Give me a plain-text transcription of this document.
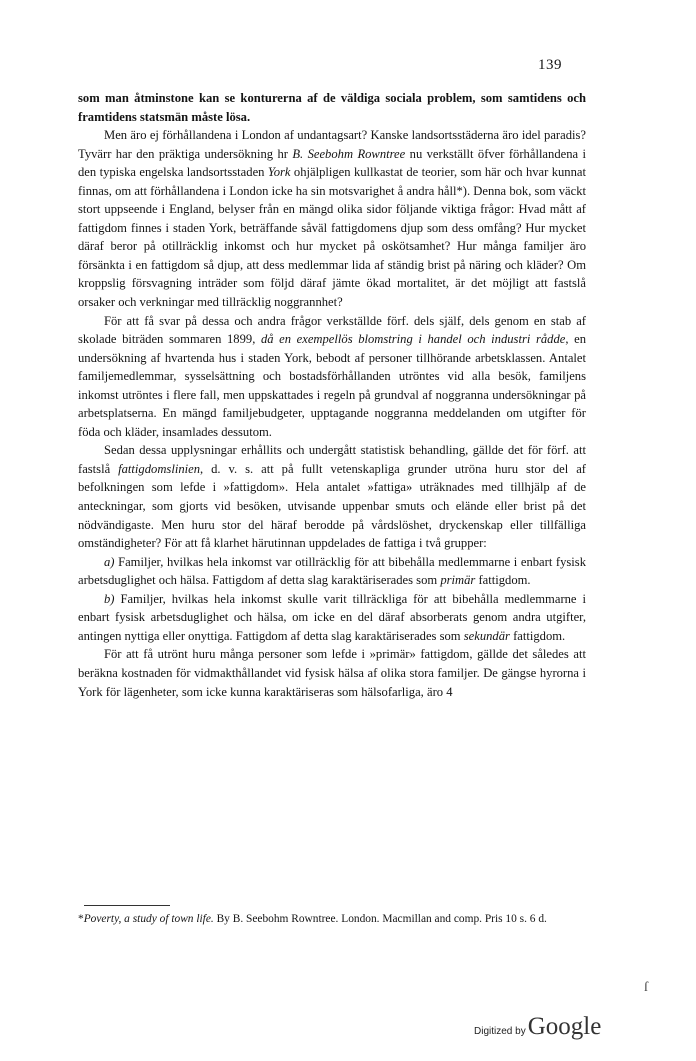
139

som man åtminstone kan se konturerna af de väldiga sociala problem, som samtidens och framtidens statsmän måste lösa.

Men äro ej förhållandena i London af undantagsart? Kanske landsortsstäderna äro idel paradis? Tyvärr har den präktiga undersökning hr B. Seebohm Rowntree nu verkställt öfver förhållandena i den typiska engelska landsortsstaden York ohjälpligen kullkastat de teorier, som här och hvar kunnat finnas, om att förhållandena i London icke ha sin motsvarighet å andra håll*). Denna bok, som väckt stort uppseende i England, belyser från en mängd olika sidor följande viktiga frågor: Hvad mått af fattigdom finnes i staden York, beträffande såväl fattigdomens djup som dess omfång? Hur mycket däraf beror på otillräcklig inkomst och hur mycket på oskötsamhet? Hur många familjer äro försänkta i en fattigdom så djup, att dess medlemmar lida af ständig brist på näring och kläder? Om kroppslig försvagning inträder som följd däraf jämte ökad mortalitet, är det möjligt att fastslå orsaker och verkningar med tillräcklig noggrannhet?

För att få svar på dessa och andra frågor verkställde förf. dels själf, dels genom en stab af skolade biträden sommaren 1899, då en exempellös blomstring i handel och industri rådde, en undersökning af hvartenda hus i staden York, bebodt af personer tillhörande arbetsklassen. Antalet familjemedlemmar, sysselsättning och bostadsförhållanden utröntes vid alla besök, familjens inkomst utröntes i flere fall, men uppskattades i regeln på grundval af noggranna undersökningar på arbetsplatserna. En mängd familjebudgeter, upptagande noggranna meddelanden om utgifter för föda och kläder, insamlades dessutom.

Sedan dessa upplysningar erhållits och undergått statistisk behandling, gällde det för förf. att fastslå fattigdomslinien, d. v. s. att på fullt vetenskapliga grunder utröna huru stor del af befolkningen som lefde i »fattigdom». Hela antalet »fattiga» uträknades med tillhjälp af de anteckningar, som gjorts vid besöken, utvisande uppenbar smuts och elände eller brist på det nödvändigaste. Men huru stor del häraf berodde på vårdslöshet, dryckenskap eller tillfälliga omständigheter? För att få klarhet härutinnan uppdelades de fattiga i två grupper:

a) Familjer, hvilkas hela inkomst var otillräcklig för att bibehålla medlemmarne i enbart fysisk arbetsduglighet och hälsa. Fattigdom af detta slag karaktäriserades som primär fattigdom.

b) Familjer, hvilkas hela inkomst skulle varit tillräckliga för att bibehålla medlemmarne i enbart fysisk arbetsduglighet och hälsa, om icke en del däraf absorberats genom andra utgifter, antingen nyttiga eller onyttiga. Fattigdom af detta slag karaktäriserades som sekundär fattigdom.

För att få utrönt huru många personer som lefde i »primär» fattigdom, gällde det således att beräkna kostnaden för vidmakthållandet vid fysisk hälsa af olika stora familjer. De gängse hyrorna i York för lägenheter, som icke kunna karaktäriseras som hälsofarliga, äro 4

*Poverty, a study of town life. By B. Seebohm Rowntree. London. Macmillan and comp. Pris 10 s. 6 d.
ſ
Digitized by Google
